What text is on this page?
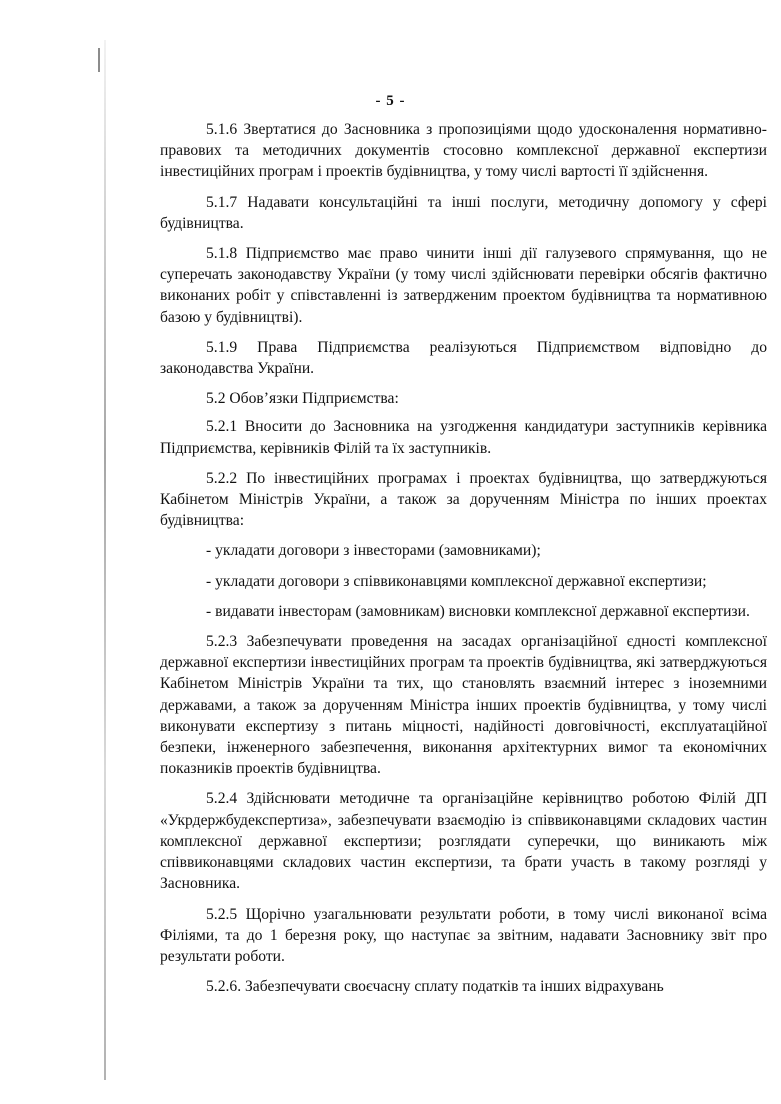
- 5 -

5.1.6 Звертатися до Засновника з пропозиціями щодо удосконалення нормативно-правових та методичних документів стосовно комплексної державної експертизи інвестиційних програм і проектів будівництва, у тому числі вартості її здійснення.

5.1.7 Надавати консультаційні та інші послуги, методичну допомогу у сфері будівництва.

5.1.8 Підприємство має право чинити інші дії галузевого спрямування, що не суперечать законодавству України (у тому числі здійснювати перевірки обсягів фактично виконаних робіт у співставленні із затвердженим проектом будівництва та нормативною базою у будівництві).

5.1.9 Права Підприємства реалізуються Підприємством відповідно до законодавства України.

5.2 Обов’язки Підприємства:

5.2.1 Вносити до Засновника на узгодження кандидатури заступників керівника Підприємства, керівників Філій та їх заступників.

5.2.2 По інвестиційних програмах і проектах будівництва, що затверджуються Кабінетом Міністрів України, а також за дорученням Міністра по інших проектах будівництва:

- укладати договори з інвесторами (замовниками);

- укладати договори з співвиконавцями комплексної державної експертизи;

- видавати інвесторам (замовникам) висновки комплексної державної експертизи.

5.2.3 Забезпечувати проведення на засадах організаційної єдності комплексної державної експертизи інвестиційних програм та проектів будівництва, які затверджуються Кабінетом Міністрів України та тих, що становлять взаємний інтерес з іноземними державами, а також за дорученням Міністра інших проектів будівництва, у тому числі виконувати експертизу з питань міцності, надійності довговічності, експлуатаційної безпеки, інженерного забезпечення, виконання архітектурних вимог та економічних показників проектів будівництва.

5.2.4 Здійснювати методичне та організаційне керівництво роботою Філій ДП «Укрдержбудекспертиза», забезпечувати взаємодію із співвиконавцями складових частин комплексної державної експертизи; розглядати суперечки, що виникають між співвиконавцями складових частин експертизи, та брати участь в такому розгляді у Засновника.

5.2.5 Щорічно узагальнювати результати роботи, в тому числі виконаної всіма Філіями, та до 1 березня року, що наступає за звітним, надавати Засновнику звіт про результати роботи.

5.2.6. Забезпечувати своєчасну сплату податків та інших відрахувань
